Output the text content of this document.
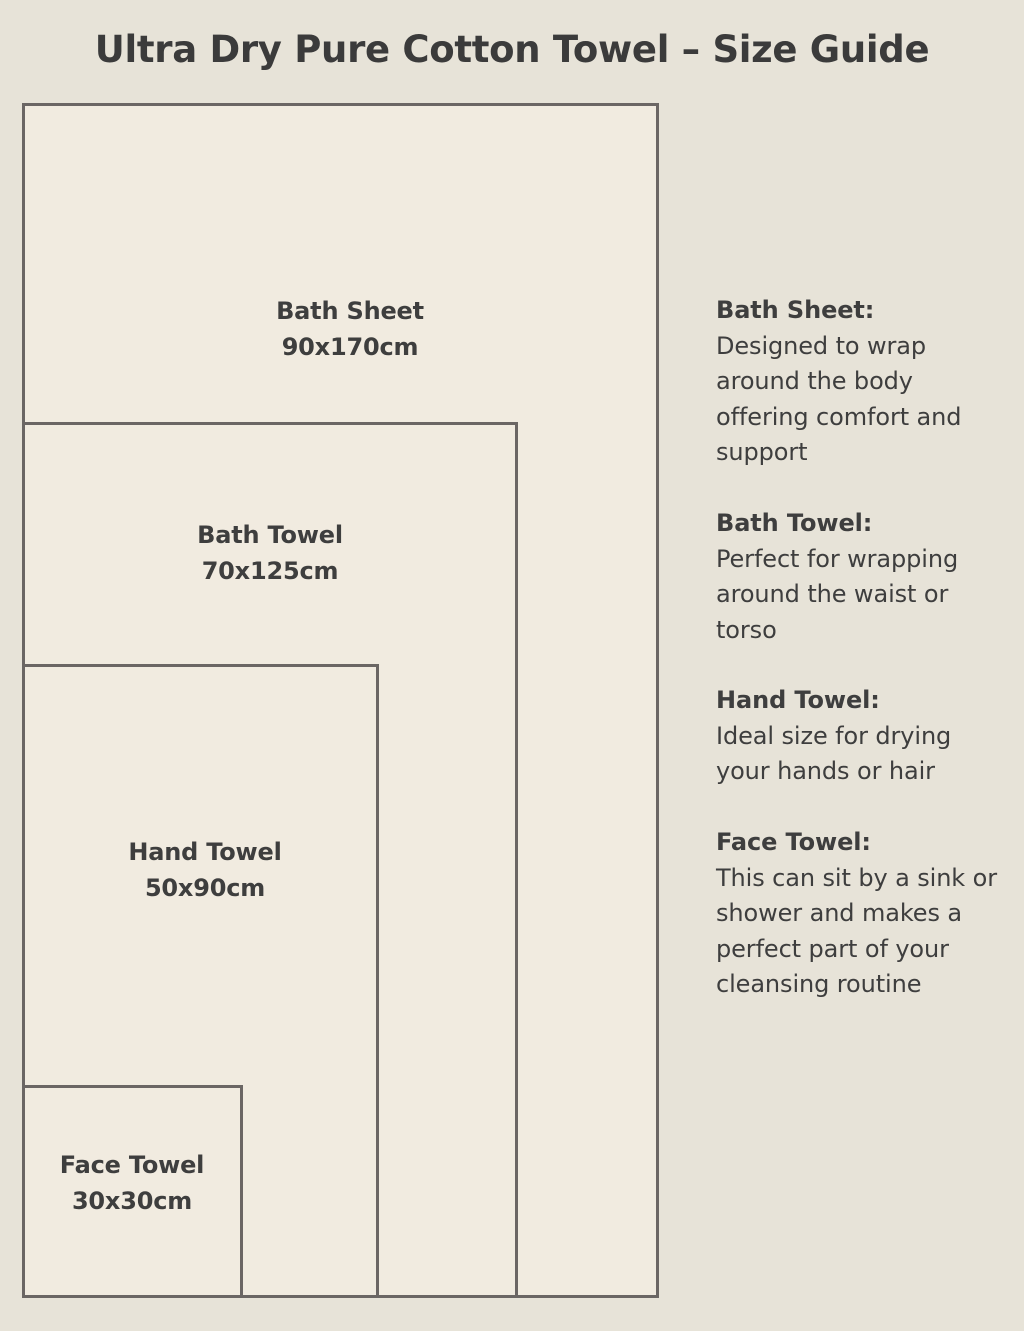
Ultra Dry Pure Cotton Towel – Size Guide
Bath Sheet
90x170cm
Bath Towel
70x125cm
Hand Towel
50x90cm
Face Towel
30x30cm
Bath Sheet:
Designed to wrap around the body offering comfort and support
Bath Towel:
Perfect for wrapping around the waist or torso
Hand Towel:
Ideal size for drying your hands or hair
Face Towel:
This can sit by a sink or shower and makes a perfect part of your cleansing routine
